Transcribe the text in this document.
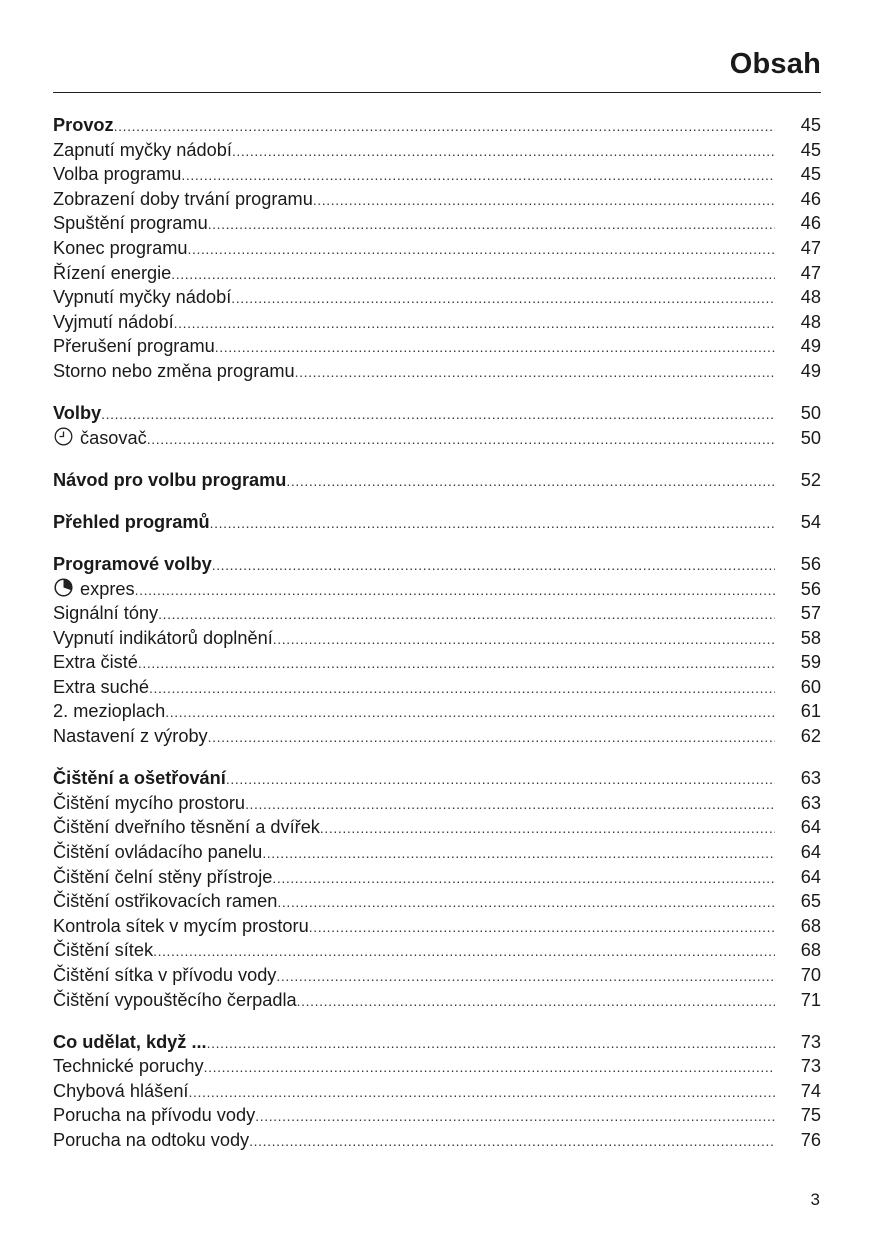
Obsah
Provoz .....	45
Zapnutí myčky nádobí .....	45
Volba programu .....	45
Zobrazení doby trvání programu .....	46
Spuštění programu .....	46
Konec programu .....	47
Řízení energie .....	47
Vypnutí myčky nádobí .....	48
Vyjmutí nádobí .....	48
Přerušení programu .....	49
Storno nebo změna programu .....	49
Volby .....	50
časovač .....	50
Návod pro volbu programu .....	52
Přehled programů .....	54
Programové volby .....	56
expres .....	56
Signální tóny .....	57
Vypnutí indikátorů doplnění .....	58
Extra čisté .....	59
Extra suché .....	60
2. mezioplach .....	61
Nastavení z výroby .....	62
Čištění a ošetřování .....	63
Čištění mycího prostoru .....	63
Čištění dveřního těsnění a dvířek .....	64
Čištění ovládacího panelu .....	64
Čištění čelní stěny přístroje .....	64
Čištění ostřikovacích ramen .....	65
Kontrola sítek v mycím prostoru .....	68
Čištění sítek .....	68
Čištění sítka v přívodu vody .....	70
Čištění vypouštěcího čerpadla .....	71
Co udělat, když ... .....	73
Technické poruchy .....	73
Chybová hlášení .....	74
Porucha na přívodu vody .....	75
Porucha na odtoku vody .....	76
3
